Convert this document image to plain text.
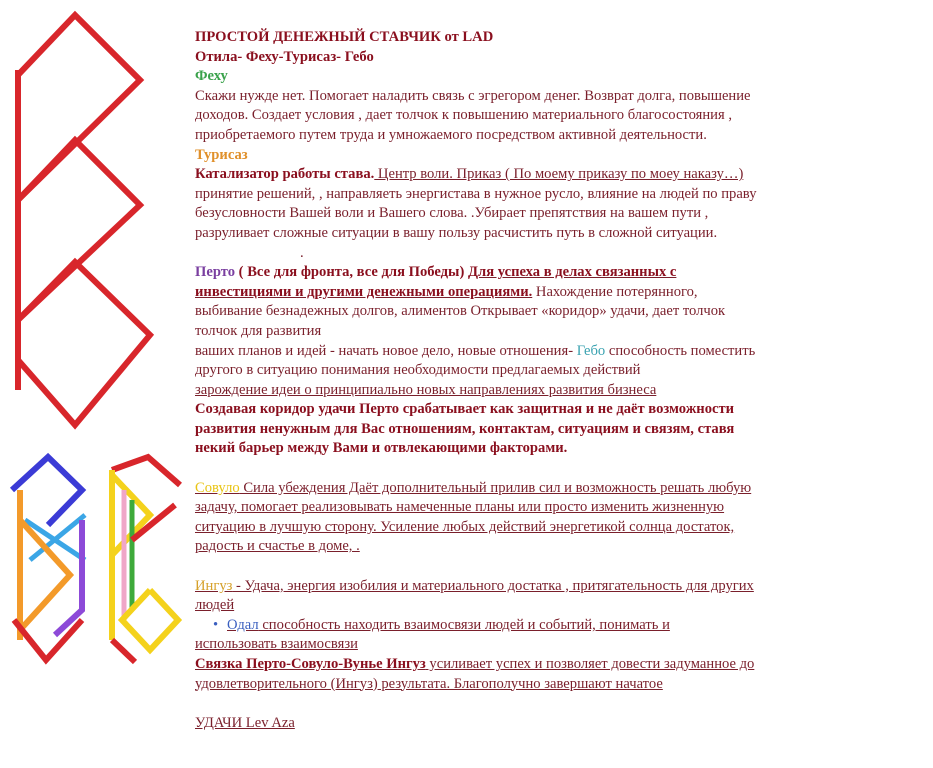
ПРОСТОЙ ДЕНЕЖНЫЙ СТАВЧИК от LAD

Отила- Феху-Турисаз- Гебо

Феху

Скажи нужде нет. Помогает наладить связь с эгрегором денег. Возврат долга, повышение

доходов. Создает условия , дает толчок к повышению материального благосостояния ,

приобретаемого путем труда и умножаемого посредством активной деятельности.

Турисаз

Катализатор работы става. Центр воли. Приказ ( По моему приказу по моеу наказу…)

принятие решений, , направляеть энергистава в нужное русло, влияние на людей по праву

безусловности Вашей воли и Вашего слова. .Убирает препятствия на вашем пути ,

разруливает сложные ситуации в вашу пользу расчистить путь в сложной ситуации.

.

Перто ( Все для фронта, все для Победы) Для успеха в делах связанных с

инвестициями и другими денежными операциями. Нахождение потерянного,

выбивание безнадежных долгов, алиментов Открывает «коридор» удачи, дает толчок

толчок для развития

ваших планов и идей - начать новое дело, новые отношения- Гебо способность поместить

другого в ситуацию понимания необходимости предлагаемых действий

зарождение идеи о принципиально новых направлениях развития бизнеса

Создавая коридор удачи Перто срабатывает как защитная и не даёт возможности

развития ненужным для Вас отношениям, контактам, ситуациям и связям, ставя

некий барьер между Вами и отвлекающими факторами.

Совуло Сила убеждения Даёт дополнительный прилив сил и возможность решать любую

задачу, помогает реализовывать намеченные планы или просто изменить жизненную

ситуацию в лучшую сторону. Усиление любых действий энергетикой солнца достаток,

радость и счастье в доме, .

Ингуз - Удача, энергия изобилия и материального достатка , притягательность для других

людей

• Одал способность находить взаимосвязи людей и событий, понимать и

использовать взаимосвязи

Связка Перто-Совуло-Вунье Ингуз усиливает успех и позволяет довести задуманное до

удовлетворительного (Ингуз) результата. Благополучно завершают начатое

УДАЧИ Lev Aza
